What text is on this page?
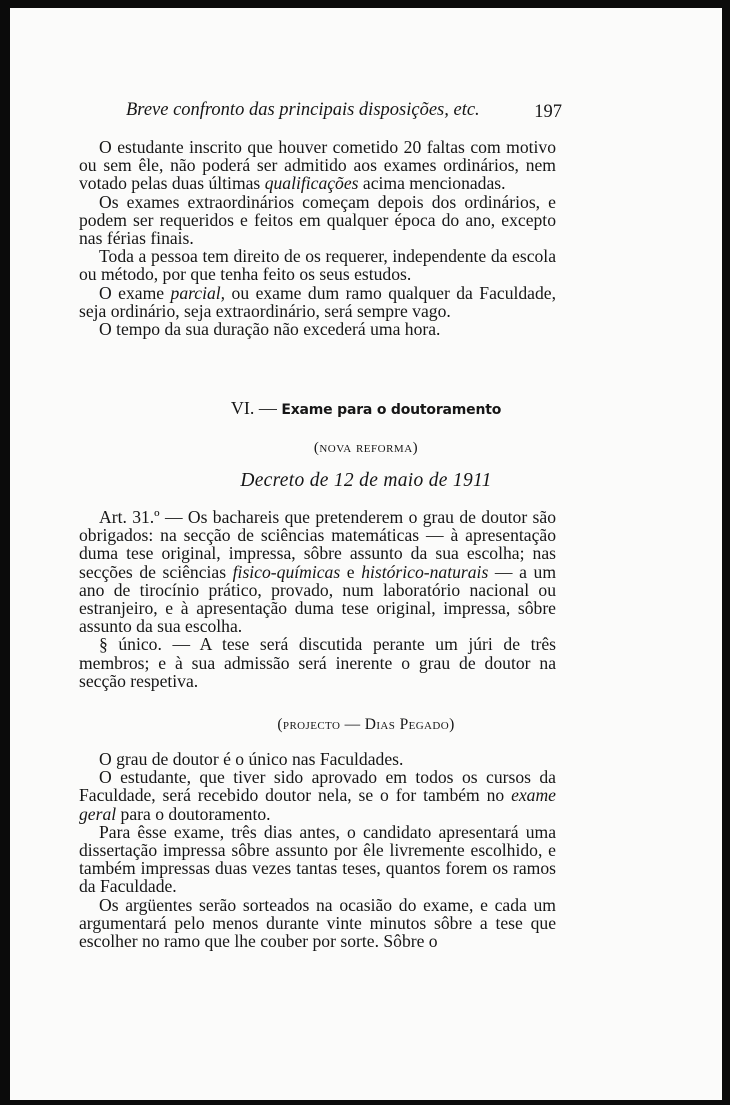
Breve confronto das principais disposições, etc.	197

O estudante inscrito que houver cometido 20 faltas com motivo ou sem êle, não poderá ser admitido aos exames ordinários, nem votado pelas duas últimas qualificações acima mencionadas.

Os exames extraordinários começam depois dos ordinários, e podem ser requeridos e feitos em qualquer época do ano, excepto nas férias finais.

Toda a pessoa tem direito de os requerer, independente da escola ou método, por que tenha feito os seus estudos.

O exame parcial, ou exame dum ramo qualquer da Faculdade, seja ordinário, seja extraordinário, será sempre vago.

O tempo da sua duração não excederá uma hora.

VI. — Exame para o doutoramento
(nova reforma)
Decreto de 12 de maio de 1911

Art. 31.º — Os bachareis que pretenderem o grau de doutor são obrigados: na secção de sciências matemáticas — à apresentação duma tese original, impressa, sôbre assunto da sua escolha; nas secções de sciências fisico-químicas e histórico-naturais — a um ano de tirocínio prático, provado, num laboratório nacional ou estranjeiro, e à apresentação duma tese original, impressa, sôbre assunto da sua escolha.

§ único. — A tese será discutida perante um júri de três membros; e à sua admissão será inerente o grau de doutor na secção respetiva.

(projecto — Dias Pegado)

O grau de doutor é o único nas Faculdades.

O estudante, que tiver sido aprovado em todos os cursos da Faculdade, será recebido doutor nela, se o for também no exame geral para o doutoramento.

Para êsse exame, três dias antes, o candidato apresentará uma dissertação impressa sôbre assunto por êle livremente escolhido, e também impressas duas vezes tantas teses, quantos forem os ramos da Faculdade.

Os argüentes serão sorteados na ocasião do exame, e cada um argumentará pelo menos durante vinte minutos sôbre a tese que escolher no ramo que lhe couber por sorte. Sôbre o
